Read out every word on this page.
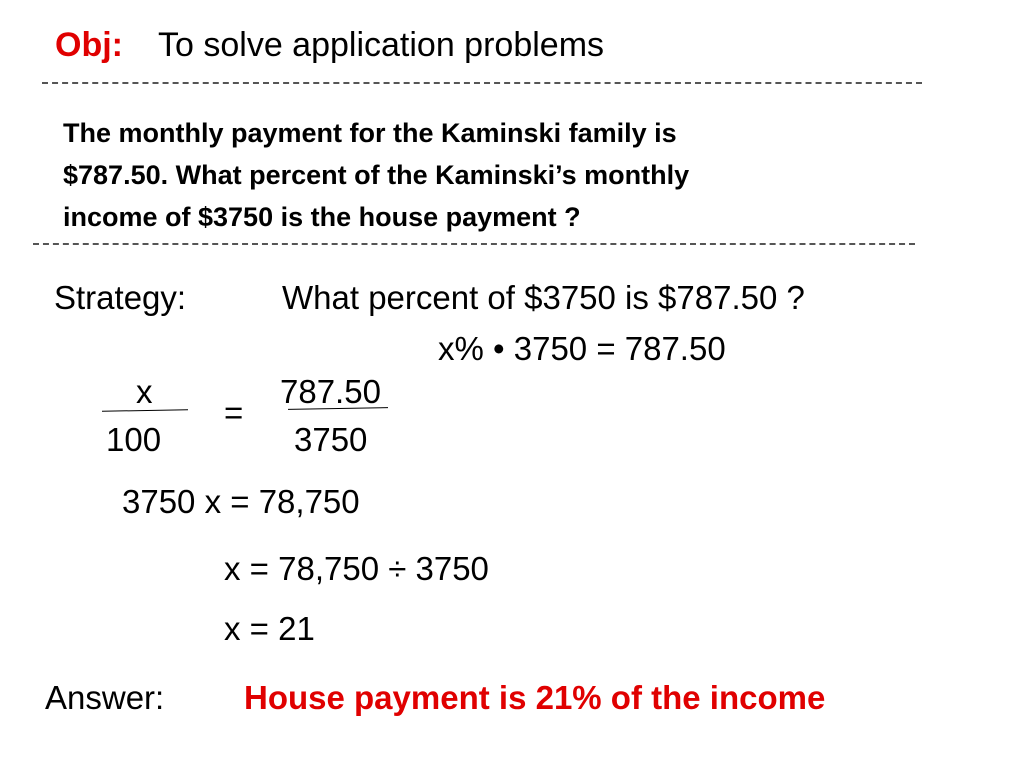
Obj: To solve application problems
The monthly payment for the Kaminski family is
$787.50. What percent of the Kaminski’s monthly
income of $3750 is the house payment ?
Strategy:	What percent of $3750 is $787.50 ?
x% • 3750 = 787.50
x
100
=
787.50
3750
3750 x = 78,750
x = 78,750 ÷ 3750
x = 21
Answer: House payment is 21% of the income
